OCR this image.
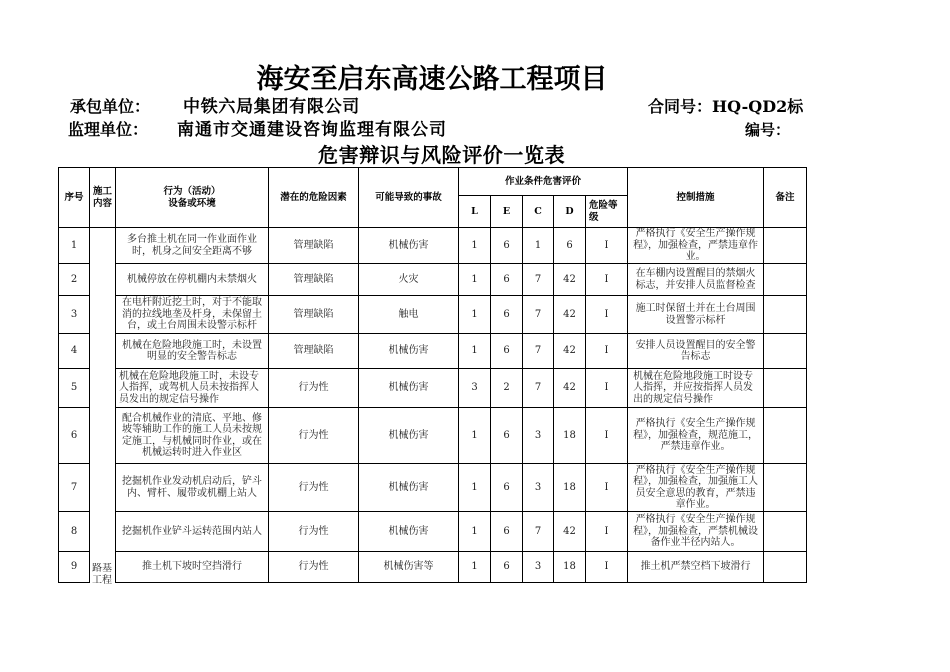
海安至启东高速公路工程项目
承包单位： 中铁六局集团有限公司	合同号：HQ-QD2标
监理单位： 南通市交通建设咨询监理有限公司	编号：
危害辩识与风险评价一览表
序号	施工内容	行为（活动）
设备或环境	潜在的危险因素	可能导致的事故	作业条件危害评价					控制措施	备注
					L	E	C	D	危险等级		
1		多台推土机在同一作业面作业时，机身之间安全距离不够	管理缺陷	机械伤害	1	6	1	6	Ⅰ	严格执行《安全生产操作规程》，加强检查，严禁违章作业。	
2		机械停放在停机棚内未禁烟火	管理缺陷	火灾	1	6	7	42	Ⅰ	在车棚内设置醒目的禁烟火标志，并安排人员监督检查	
3		在电杆附近挖土时，对于不能取消的拉线地垄及杆身，未保留土台，或土台周围未设警示标杆	管理缺陷	触电	1	6	7	42	Ⅰ	施工时保留土并在土台周围设置警示标杆	
4		机械在危险地段施工时，未设置明显的安全警告标志	管理缺陷	机械伤害	1	6	7	42	Ⅰ	安排人员设置醒目的安全警告标志	
5		机械在危险地段施工时，未设专人指挥，或驾机人员未按指挥人员发出的规定信号操作	行为性	机械伤害	3	2	7	42	Ⅰ	机械在危险地段施工时设专人指挥，并应按指挥人员发出的规定信号操作	
6		配合机械作业的清底、平地、修坡等辅助工作的施工人员未按规定施工，与机械同时作业，或在机械运转时进入作业区	行为性	机械伤害	1	6	3	18	Ⅰ	严格执行《安全生产操作规程》，加强检查，规范施工，严禁违章作业。	
7		挖掘机作业发动机启动后，铲斗内、臂杆、履带或机棚上站人	行为性	机械伤害	1	6	3	18	Ⅰ	严格执行《安全生产操作规程》，加强检查，加强施工人员安全意思的教育，严禁违章作业。	
8		挖掘机作业铲斗运转范围内站人	行为性	机械伤害	1	6	7	42	Ⅰ	严格执行《安全生产操作规程》，加强检查，严禁机械设备作业半径内站人。	
9		推土机下坡时空挡滑行	行为性	机械伤害等	1	6	3	18	Ⅰ	推土机严禁空档下坡滑行	
路基工程
